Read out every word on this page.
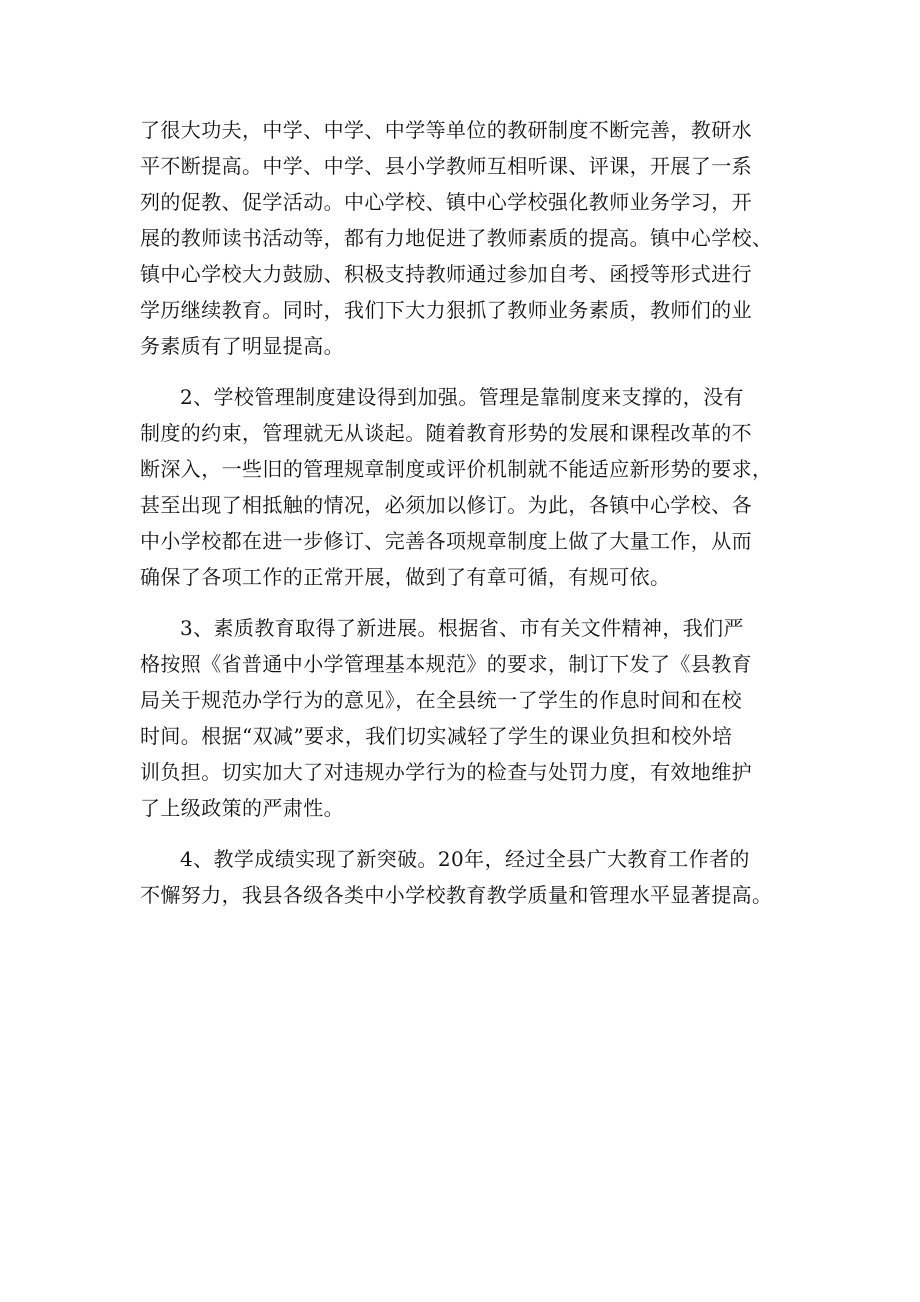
了很大功夫，中学、中学、中学等单位的教研制度不断完善，教研水
平不断提高。中学、中学、县小学教师互相听课、评课，开展了一系
列的促教、促学活动。中心学校、镇中心学校强化教师业务学习，开
展的教师读书活动等，都有力地促进了教师素质的提高。镇中心学校、
镇中心学校大力鼓励、积极支持教师通过参加自考、函授等形式进行
学历继续教育。同时，我们下大力狠抓了教师业务素质，教师们的业
务素质有了明显提高。
2、学校管理制度建设得到加强。管理是靠制度来支撑的，没有
制度的约束，管理就无从谈起。随着教育形势的发展和课程改革的不
断深入，一些旧的管理规章制度或评价机制就不能适应新形势的要求，
甚至出现了相抵触的情况，必须加以修订。为此，各镇中心学校、各
中小学校都在进一步修订、完善各项规章制度上做了大量工作，从而
确保了各项工作的正常开展，做到了有章可循，有规可依。
3、素质教育取得了新进展。根据省、市有关文件精神，我们严
格按照《省普通中小学管理基本规范》的要求，制订下发了《县教育
局关于规范办学行为的意见》，在全县统一了学生的作息时间和在校
时间。根据“双减”要求，我们切实减轻了学生的课业负担和校外培
训负担。切实加大了对违规办学行为的检查与处罚力度，有效地维护
了上级政策的严肃性。
4、教学成绩实现了新突破。20年，经过全县广大教育工作者的
不懈努力，我县各级各类中小学校教育教学质量和管理水平显著提高。
